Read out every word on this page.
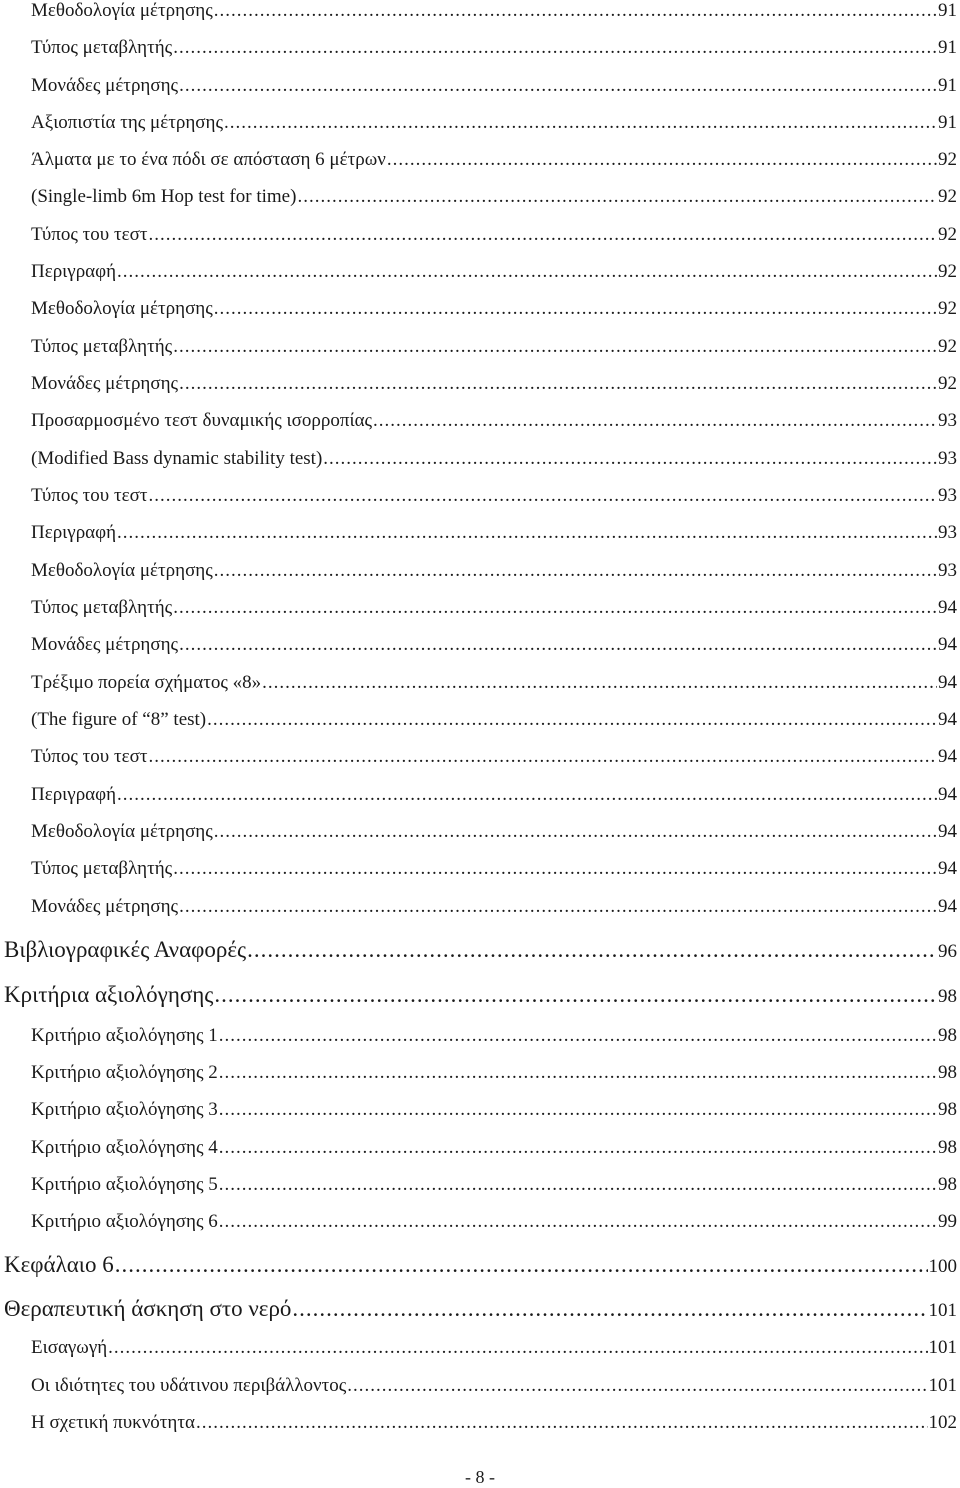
Μεθοδολογία μέτρησης .....	91
Τύπος μεταβλητής .....	91
Μονάδες μέτρησης .....	91
Αξιοπιστία της μέτρησης .....	91
Άλματα με το ένα πόδι σε απόσταση 6 μέτρων .....	92
(Single-limb 6m Hop test for time) .....	92
Τύπος του τεστ .....	92
Περιγραφή .....	92
Μεθοδολογία μέτρησης .....	92
Τύπος μεταβλητής .....	92
Μονάδες μέτρησης .....	92
Προσαρμοσμένο τεστ δυναμικής ισορροπίας .....	93
(Modified Bass dynamic stability test) .....	93
Τύπος του τεστ .....	93
Περιγραφή .....	93
Μεθοδολογία μέτρησης .....	93
Τύπος μεταβλητής .....	94
Μονάδες μέτρησης .....	94
Τρέξιμο πορεία σχήματος «8» .....	94
(The figure of “8” test) .....	94
Τύπος του τεστ .....	94
Περιγραφή .....	94
Μεθοδολογία μέτρησης .....	94
Τύπος μεταβλητής .....	94
Μονάδες μέτρησης .....	94
Βιβλιογραφικές Αναφορές .....	96
Κριτήρια αξιολόγησης .....	98
Κριτήριο αξιολόγησης 1 .....	98
Κριτήριο αξιολόγησης 2 .....	98
Κριτήριο αξιολόγησης 3 .....	98
Κριτήριο αξιολόγησης 4 .....	98
Κριτήριο αξιολόγησης 5 .....	98
Κριτήριο αξιολόγησης 6 .....	99
Κεφάλαιο 6 .....	100
Θεραπευτική άσκηση στο νερό .....	101
Εισαγωγή .....	101
Οι ιδιότητες του υδάτινου περιβάλλοντος .....	101
Η σχετική πυκνότητα .....	102
- 8 -
